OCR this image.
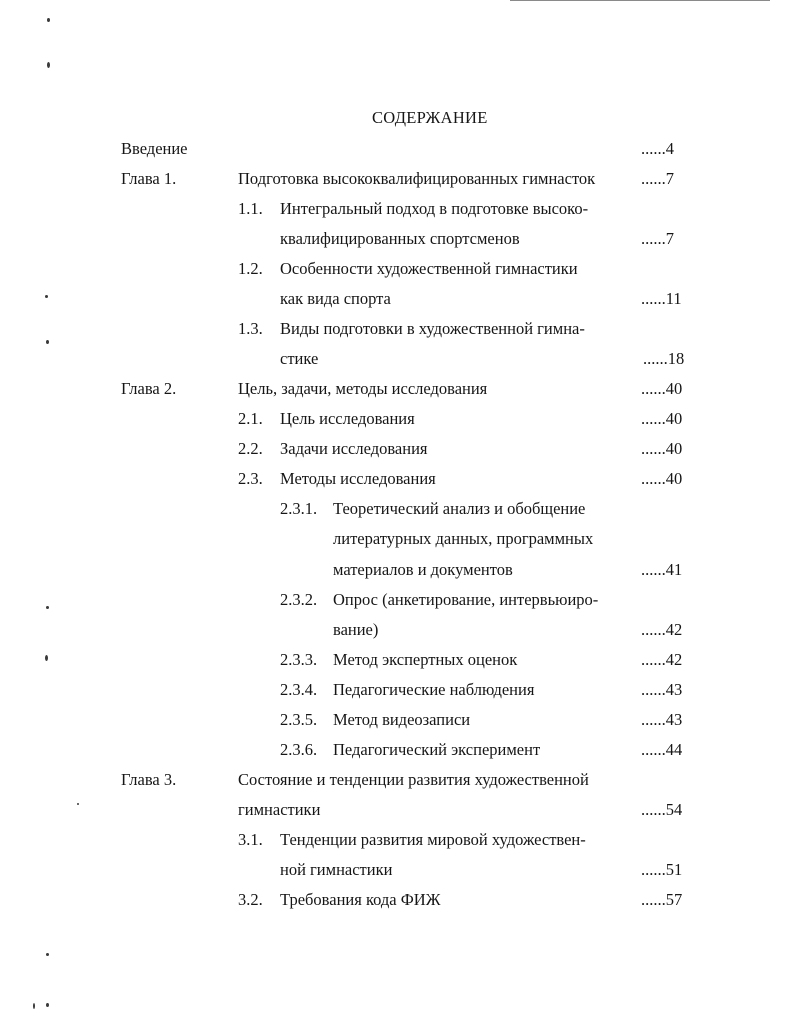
СОДЕРЖАНИЕ
Введение	......4
Глава 1.	Подготовка высококвалифицированных гимнасток	......7
1.1. Интегральный подход в подготовке высоко-
квалифицированных спортсменов	......7
1.2. Особенности художественной гимнастики
как вида спорта	......11
1.3. Виды подготовки в художественной гимна-
стике	......18
Глава 2.	Цель, задачи, методы исследования	......40
2.1. Цель исследования	......40
2.2. Задачи исследования	......40
2.3. Методы исследования	......40
2.3.1. Теоретический анализ и обобщение
литературных данных, программных
материалов и документов	......41
2.3.2. Опрос (анкетирование, интервьюиро-
вание)	......42
2.3.3. Метод экспертных оценок	......42
2.3.4. Педагогические наблюдения	......43
2.3.5. Метод видеозаписи	......43
2.3.6. Педагогический эксперимент	......44
Глава 3.	Состояние и тенденции развития художественной
гимнастики	......54
3.1. Тенденции развития мировой художествен-
ной гимнастики	......51
3.2. Требования кода ФИЖ	......57
